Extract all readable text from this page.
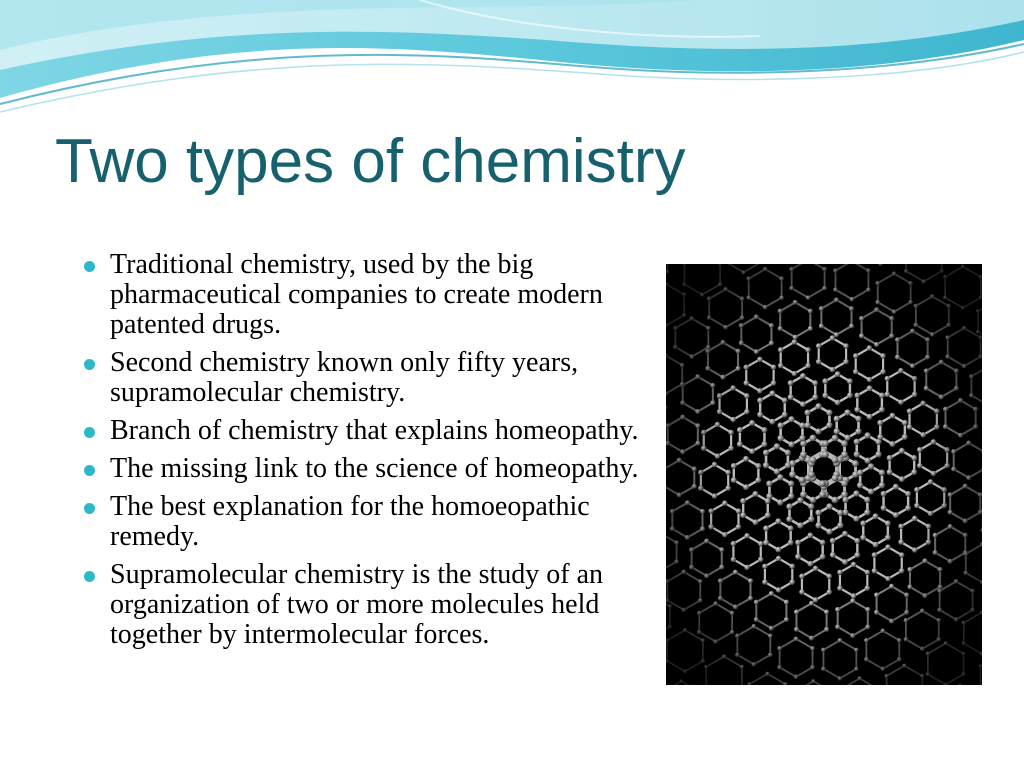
Two types of chemistry
Traditional chemistry, used by the big pharmaceutical companies to create modern patented drugs.
Second chemistry known only fifty years, supramolecular chemistry.
Branch of chemistry that explains homeopathy.
The missing link to the science of homeopathy.
The best explanation for the homoeopathic remedy.
Supramolecular chemistry is the study of an organization of two or more molecules held together by intermolecular forces.
